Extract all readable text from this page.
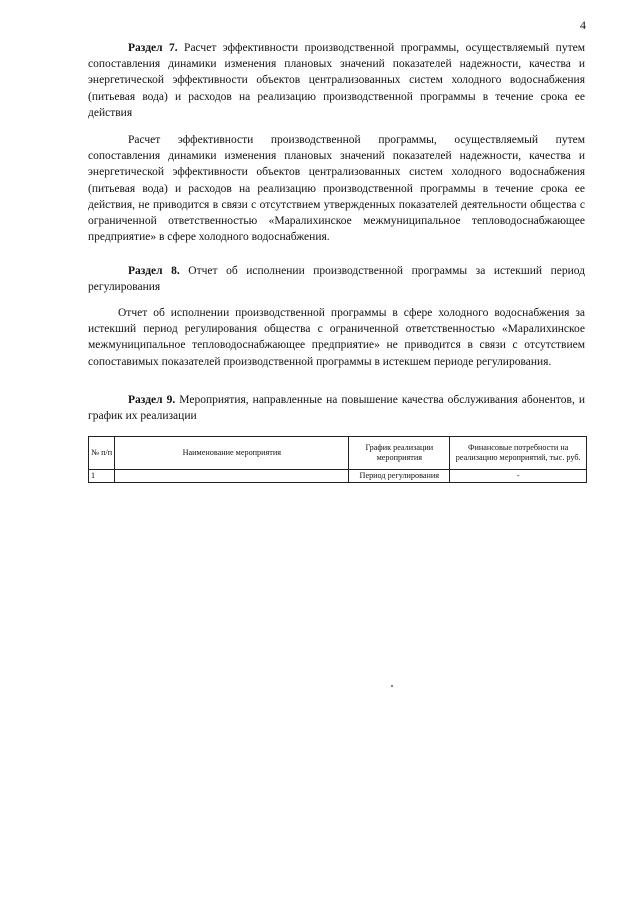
4

Раздел 7. Расчет эффективности производственной программы, осуществляемый путем сопоставления динамики изменения плановых значений показателей надежности, качества и энергетической эффективности объектов централизованных систем холодного водоснабжения (питьевая вода) и расходов на реализацию производственной программы в течение срока ее действия

Расчет эффективности производственной программы, осуществляемый путем сопоставления динамики изменения плановых значений показателей надежности, качества и энергетической эффективности объектов централизованных систем холодного водоснабжения (питьевая вода) и расходов на реализацию производственной программы в течение срока ее действия, не приводится в связи с отсутствием утвержденных показателей деятельности общества с ограниченной ответственностью «Маралихинское межмуниципальное тепловодоснабжающее предприятие» в сфере холодного водоснабжения.

Раздел 8. Отчет об исполнении производственной программы за истекший период регулирования

Отчет об исполнении производственной программы в сфере холодного водоснабжения за истекший период регулирования общества с ограниченной ответственностью «Маралихинское межмуниципальное тепловодоснабжающее предприятие» не приводится в связи с отсутствием сопоставимых показателей производственной программы в истекшем периоде регулирования.

Раздел 9. Мероприятия, направленные на повышение качества обслуживания абонентов, и график их реализации

№ п/п	Наименование мероприятия	График реализации мероприятия	Финансовые потребности на реализацию мероприятий, тыс. руб.
1		Период регулирования	-
